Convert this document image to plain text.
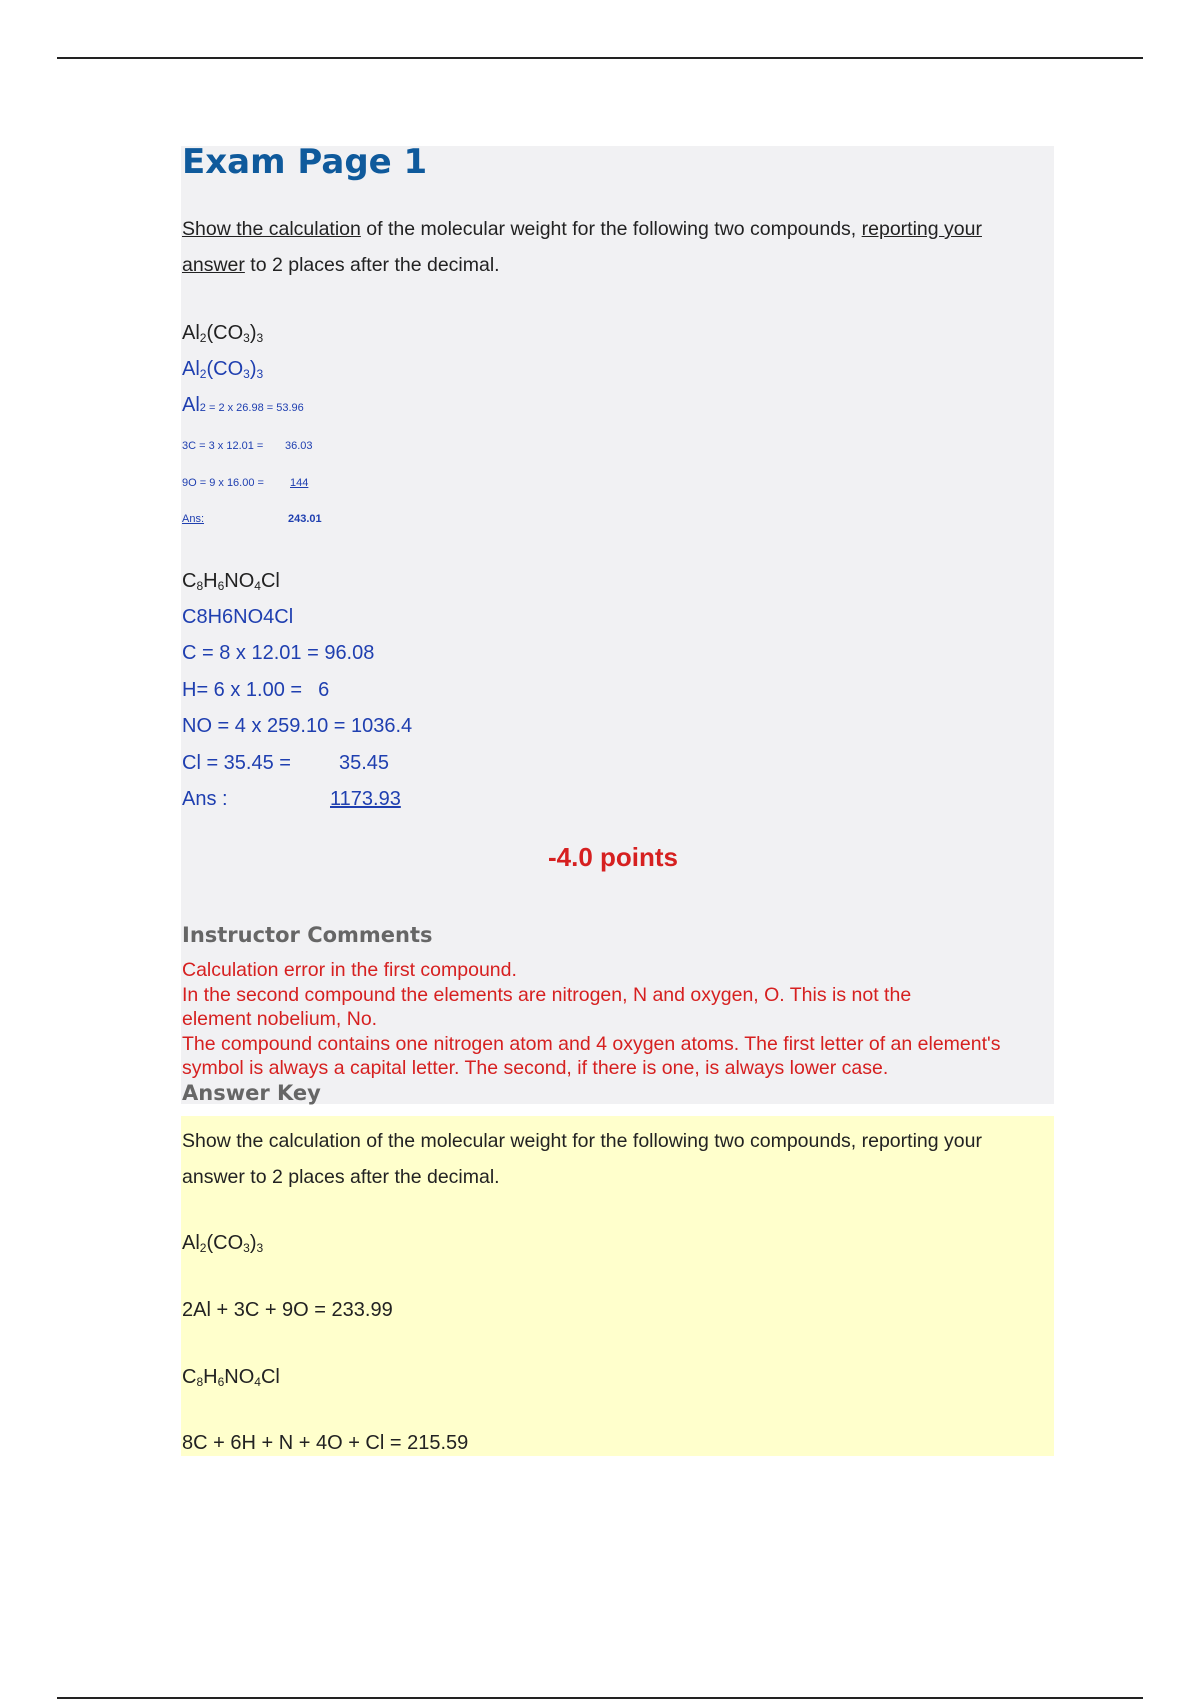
Exam Page 1
Show the calculation of the molecular weight for the following two compounds, reporting your
answer to 2 places after the decimal.
$Al_2(CO_3)_3$
$Al_2(CO_3)_3$
Al2 = 2 x 26.98 = 53.96
3C = 3 x 12.01 = 36.03
9O = 9 x 16.00 = 144
Ans:	243.01
$C_8H_6NO_4Cl$
C8H6NO4Cl
C = 8 x 12.01 = 96.08
H= 6 x 1.00 = 6
NO = 4 x 259.10 = 1036.4
Cl = 35.45 = 35.45
Ans :	1173.93
-4.0 points
Instructor Comments

Calculation error in the first compound.

In the second compound the elements are nitrogen, N and oxygen, O. This is not the element nobelium, No.

The compound contains one nitrogen atom and 4 oxygen atoms. The first letter of an element's symbol is always a capital letter. The second, if there is one, is always lower case.

Answer Key
Show the calculation of the molecular weight for the following two compounds, reporting your
answer to 2 places after the decimal.
$Al_2(CO_3)_3$
2Al + 3C + 9O = 233.99
$C_8H_6NO_4Cl$
8C + 6H + N + 4O + Cl = 215.59
